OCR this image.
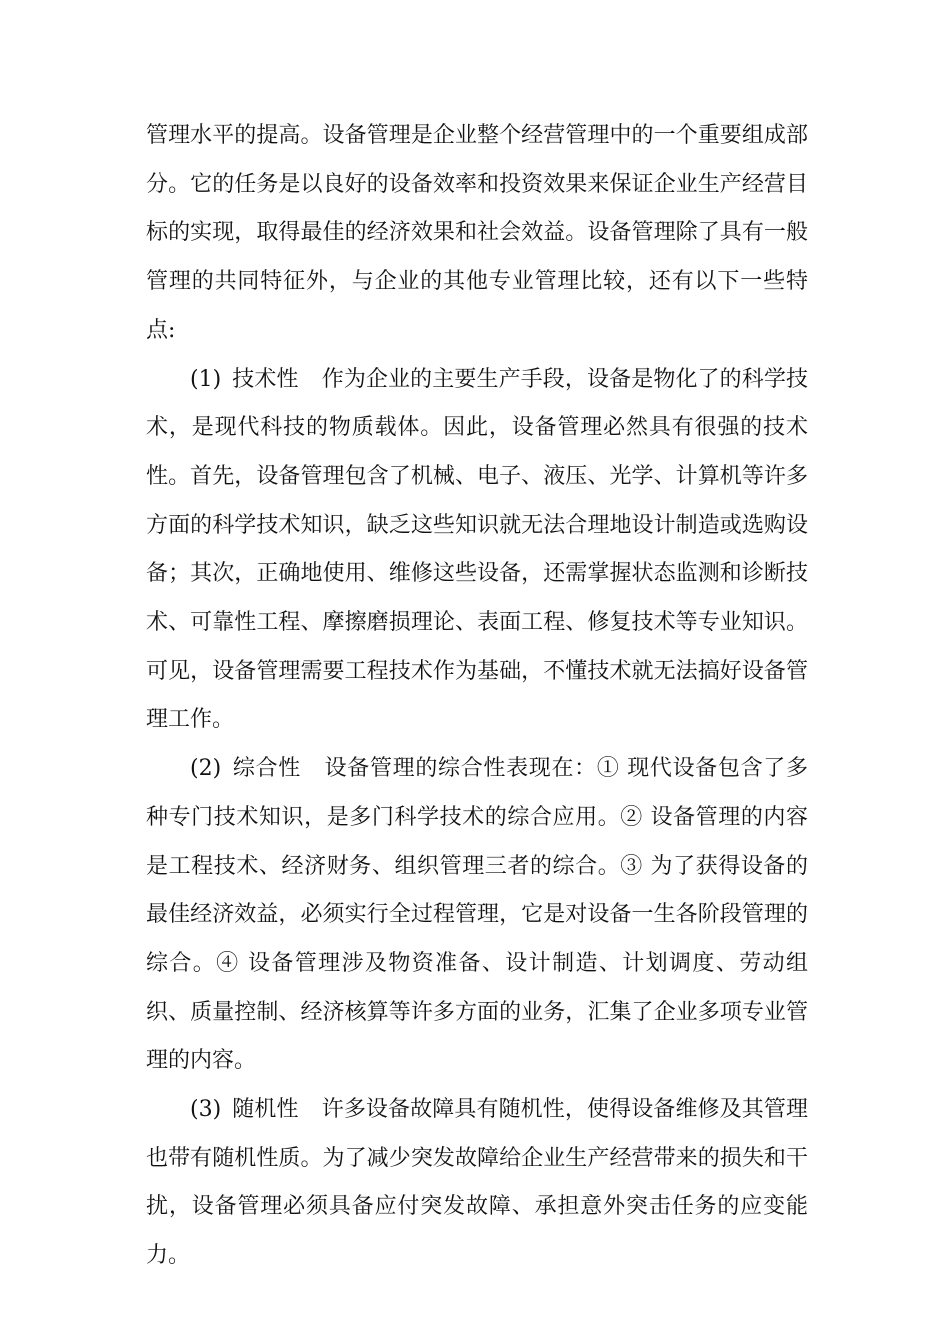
管理水平的提高。设备管理是企业整个经营管理中的一个重要组成部分。它的任务是以良好的设备效率和投资效果来保证企业生产经营目标的实现，取得最佳的经济效果和社会效益。设备管理除了具有一般管理的共同特征外，与企业的其他专业管理比较，还有以下一些特点:

(1) 技术性 作为企业的主要生产手段，设备是物化了的科学技术，是现代科技的物质载体。因此，设备管理必然具有很强的技术性。首先，设备管理包含了机械、电子、液压、光学、计算机等许多方面的科学技术知识，缺乏这些知识就无法合理地设计制造或选购设备；其次，正确地使用、维修这些设备，还需掌握状态监测和诊断技术、可靠性工程、摩擦磨损理论、表面工程、修复技术等专业知识。可见，设备管理需要工程技术作为基础，不懂技术就无法搞好设备管理工作。

(2) 综合性 设备管理的综合性表现在：① 现代设备包含了多种专门技术知识，是多门科学技术的综合应用。② 设备管理的内容是工程技术、经济财务、组织管理三者的综合。③ 为了获得设备的最佳经济效益，必须实行全过程管理，它是对设备一生各阶段管理的综合。④ 设备管理涉及物资准备、设计制造、计划调度、劳动组织、质量控制、经济核算等许多方面的业务，汇集了企业多项专业管理的内容。

(3) 随机性 许多设备故障具有随机性，使得设备维修及其管理也带有随机性质。为了减少突发故障给企业生产经营带来的损失和干扰，设备管理必须具备应付突发故障、承担意外突击任务的应变能力。
